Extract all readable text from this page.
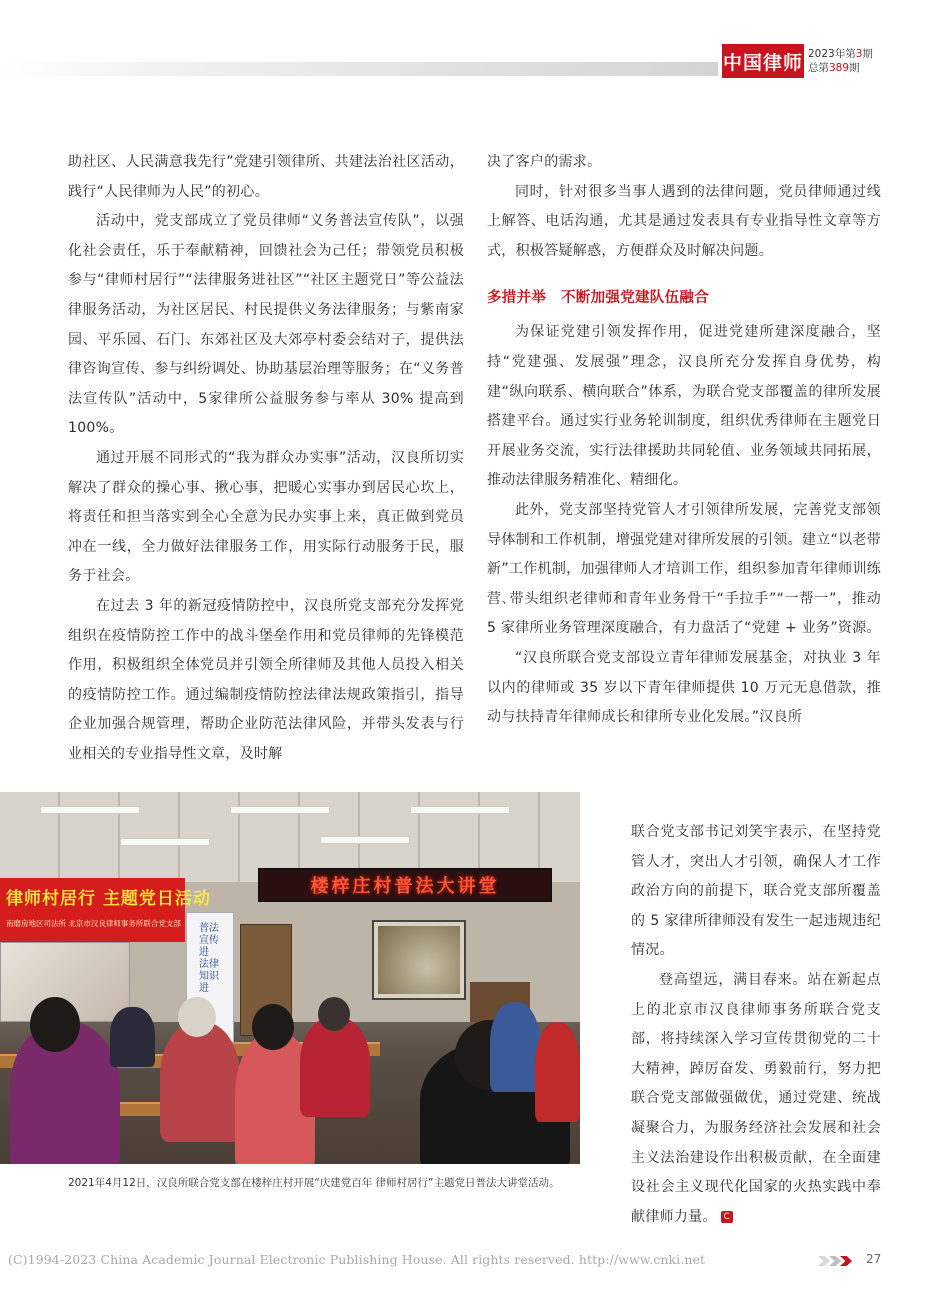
中国律师 2023年第3期
总第389期

助社区、人民满意我先行”党建引领律所、共建法治社区活动，践行“人民律师为人民”的初心。

活动中，党支部成立了党员律师“义务普法宣传队”，以强化社会责任，乐于奉献精神，回馈社会为己任；带领党员积极参与“律师村居行”“法律服务进社区”“社区主题党日”等公益法律服务活动，为社区居民、村民提供义务法律服务；与紫南家园、平乐园、石门、东郊社区及大郊亭村委会结对子，提供法律咨询宣传、参与纠纷调处、协助基层治理等服务；在“义务普法宣传队”活动中，5家律所公益服务参与率从 30% 提高到 100%。

通过开展不同形式的“我为群众办实事”活动，汉良所切实解决了群众的操心事、揪心事，把暖心实事办到居民心坎上，将责任和担当落实到全心全意为民办实事上来，真正做到党员冲在一线，全力做好法律服务工作，用实际行动服务于民，服务于社会。

在过去 3 年的新冠疫情防控中，汉良所党支部充分发挥党组织在疫情防控工作中的战斗堡垒作用和党员律师的先锋模范作用，积极组织全体党员并引领全所律师及其他人员投入相关的疫情防控工作。通过编制疫情防控法律法规政策指引，指导企业加强合规管理，帮助企业防范法律风险，并带头发表与行业相关的专业指导性文章，及时解

决了客户的需求。

同时，针对很多当事人遇到的法律问题，党员律师通过线上解答、电话沟通，尤其是通过发表具有专业指导性文章等方式，积极答疑解惑，方便群众及时解决问题。

多措并举　不断加强党建队伍融合

为保证党建引领发挥作用，促进党建所建深度融合，坚持“党建强、发展强”理念，汉良所充分发挥自身优势，构建“纵向联系、横向联合”体系，为联合党支部覆盖的律所发展搭建平台。通过实行业务轮训制度，组织优秀律师在主题党日开展业务交流，实行法律援助共同轮值、业务领域共同拓展，推动法律服务精准化、精细化。

此外，党支部坚持党管人才引领律所发展，完善党支部领导体制和工作机制，增强党建对律所发展的引领。建立“以老带新”工作机制，加强律师人才培训工作，组织参加青年律师训练营､带头组织老律师和青年业务骨干“手拉手”“一帮一”，推动 5 家律所业务管理深度融合，有力盘活了“党建 + 业务”资源。

“汉良所联合党支部设立青年律师发展基金，对执业 3 年以内的律师或 35 岁以下青年律师提供 10 万元无息借款，推动与扶持青年律师成长和律所专业化发展。”汉良所

联合党支部书记刘笑宇表示，在坚持党管人才，突出人才引领，确保人才工作政治方向的前提下，联合党支部所覆盖的 5 家律所律师没有发生一起违规违纪情况。

登高望远，满目春来。站在新起点上的北京市汉良律师事务所联合党支部，将持续深入学习宣传贯彻党的二十大精神，踔厉奋发、勇毅前行，努力把联合党支部做强做优，通过党建、统战凝聚合力，为服务经济社会发展和社会主义法治建设作出积极贡献，在全面建设社会主义现代化国家的火热实践中奉献律师力量。 C

楼梓庄村普法大讲堂
律师村居行 主题党日活动
南磨房地区司法所 北京市汉良律师事务所联合党支部 普法宣传进 法律知识进
2021年4月12日，汉良所联合党支部在楼梓庄村开展“庆建党百年 律师村居行”主题党日普法大讲堂活动。
(C)1994-2023 China Academic Journal Electronic Publishing House. All rights reserved. http://www.cnki.net	27
